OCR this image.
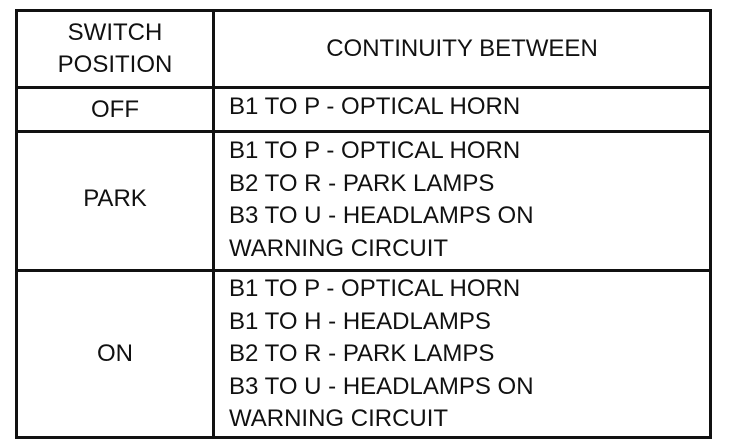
SWITCH
POSITION
CONTINUITY BETWEEN
OFF	B1 TO P - OPTICAL HORN
PARK
B1 TO P - OPTICAL HORN
B2 TO R - PARK LAMPS
B3 TO U - HEADLAMPS ON
WARNING CIRCUIT
ON
B1 TO P - OPTICAL HORN
B1 TO H - HEADLAMPS
B2 TO R - PARK LAMPS
B3 TO U - HEADLAMPS ON
WARNING CIRCUIT
